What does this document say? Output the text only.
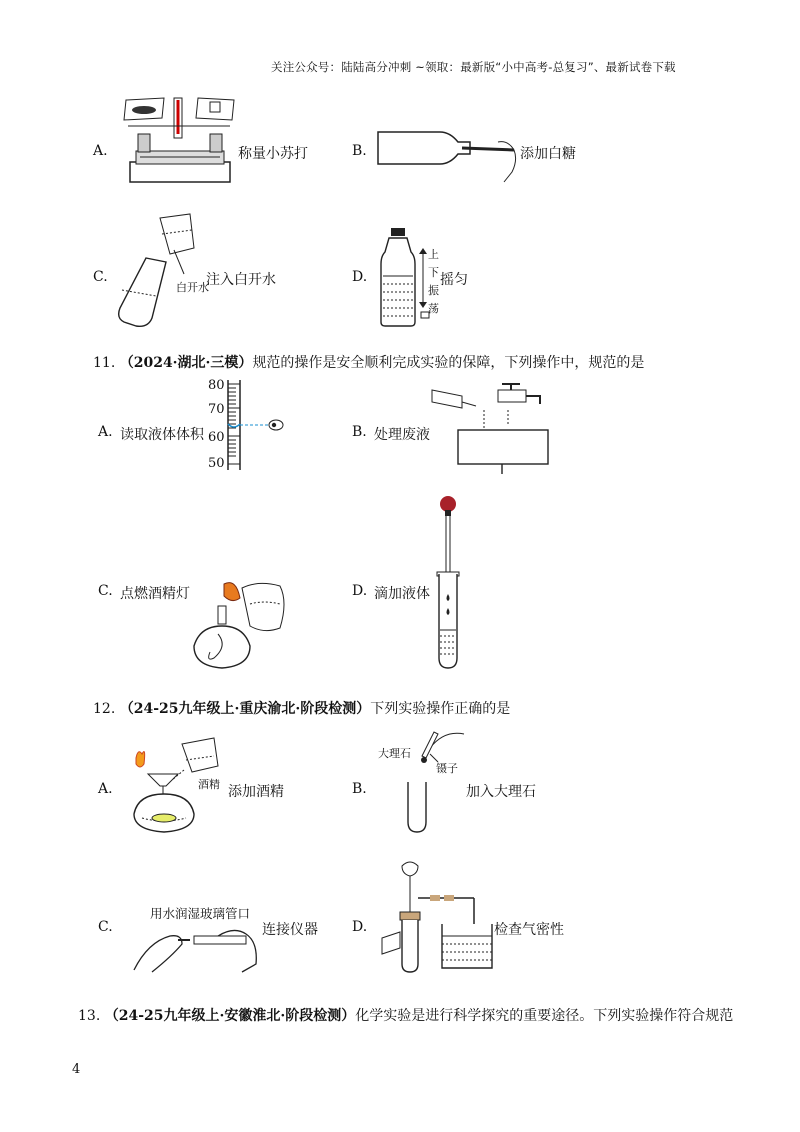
关注公众号：陆陆高分冲刺 ~领取：最新版“小中高考-总复习”、最新试卷下载
A.	称量小苏打	B.	添加白糖
C.
白开水
注入白开水	D.
上
下
振
荡
摇匀
11. （2024·湖北·三模）规范的操作是安全顺利完成实验的保障，下列操作中，规范的是
A. 读取液体体积
80
70
60
50
B. 处理废液
C. 点燃酒精灯	D. 滴加液体
12. （24-25九年级上·重庆渝北·阶段检测）下列实验操作正确的是
A.	酒精 添加酒精	B.
大理石
镊子
加入大理石
C.
用水润湿玻璃管口
连接仪器 D.	检查气密性
13. （24-25九年级上·安徽淮北·阶段检测）化学实验是进行科学探究的重要途径。下列实验操作符合规范
4
